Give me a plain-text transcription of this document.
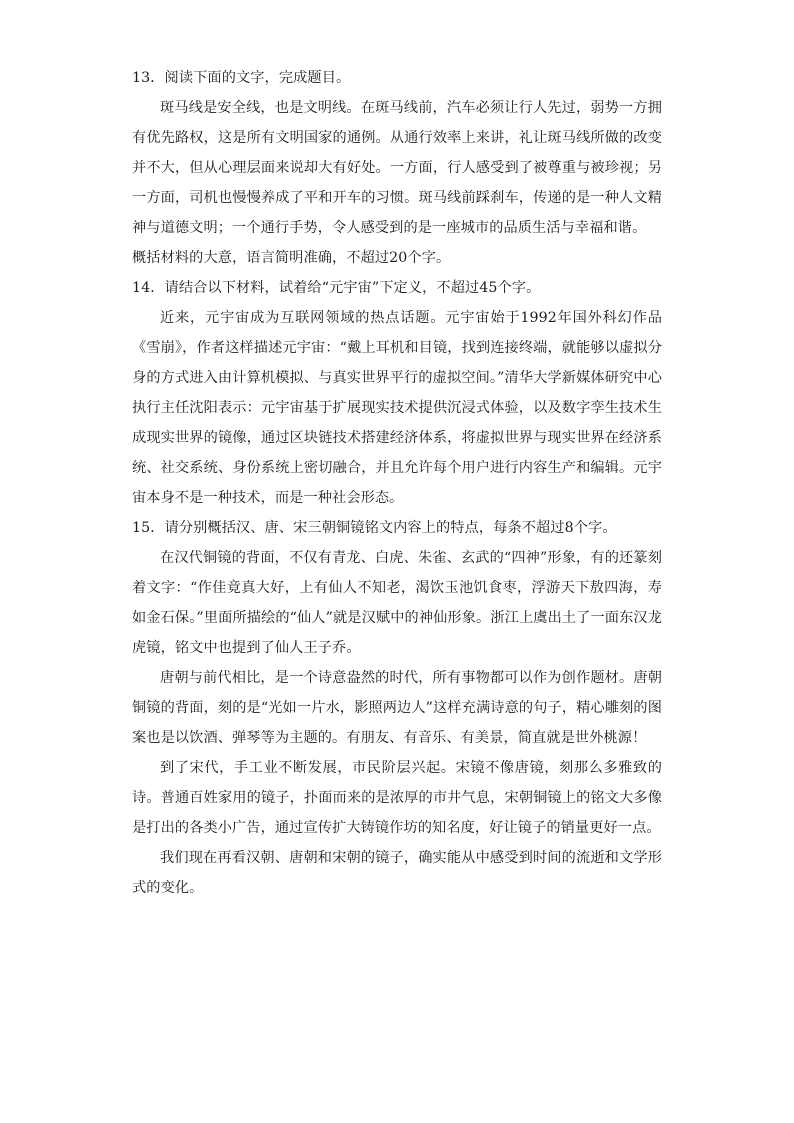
13．阅读下面的文字，完成题目。

斑马线是安全线，也是文明线。在斑马线前，汽车必须让行人先过，弱势一方拥有优先路权，这是所有文明国家的通例。从通行效率上来讲，礼让斑马线所做的改变并不大，但从心理层面来说却大有好处。一方面，行人感受到了被尊重与被珍视；另一方面，司机也慢慢养成了平和开车的习惯。斑马线前踩刹车，传递的是一种人文精神与道德文明；一个通行手势，令人感受到的是一座城市的品质生活与幸福和谐。

概括材料的大意，语言简明准确，不超过20个字。

14．请结合以下材料，试着给“元宇宙”下定义，不超过45个字。

近来，元宇宙成为互联网领域的热点话题。元宇宙始于1992年国外科幻作品《雪崩》，作者这样描述元宇宙：“戴上耳机和目镜，找到连接终端，就能够以虚拟分身的方式进入由计算机模拟、与真实世界平行的虚拟空间。”清华大学新媒体研究中心执行主任沈阳表示：元宇宙基于扩展现实技术提供沉浸式体验，以及数字孪生技术生成现实世界的镜像，通过区块链技术搭建经济体系，将虚拟世界与现实世界在经济系统、社交系统、身份系统上密切融合，并且允许每个用户进行内容生产和编辑。元宇宙本身不是一种技术，而是一种社会形态。

15．请分别概括汉、唐、宋三朝铜镜铭文内容上的特点，每条不超过8个字。

在汉代铜镜的背面，不仅有青龙、白虎、朱雀、玄武的“四神”形象，有的还篆刻着文字：“作佳竟真大好，上有仙人不知老，渴饮玉池饥食枣，浮游天下敖四海，寿如金石保。”里面所描绘的“仙人”就是汉赋中的神仙形象。浙江上虞出土了一面东汉龙虎镜，铭文中也提到了仙人王子乔。

唐朝与前代相比，是一个诗意盎然的时代，所有事物都可以作为创作题材。唐朝铜镜的背面，刻的是“光如一片水，影照两边人”这样充满诗意的句子，精心雕刻的图案也是以饮酒、弹琴等为主题的。有朋友、有音乐、有美景，简直就是世外桃源！

到了宋代，手工业不断发展，市民阶层兴起。宋镜不像唐镜，刻那么多雅致的诗。普通百姓家用的镜子，扑面而来的是浓厚的市井气息，宋朝铜镜上的铭文大多像是打出的各类小广告，通过宣传扩大铸镜作坊的知名度，好让镜子的销量更好一点。

我们现在再看汉朝、唐朝和宋朝的镜子，确实能从中感受到时间的流逝和文学形式的变化。
